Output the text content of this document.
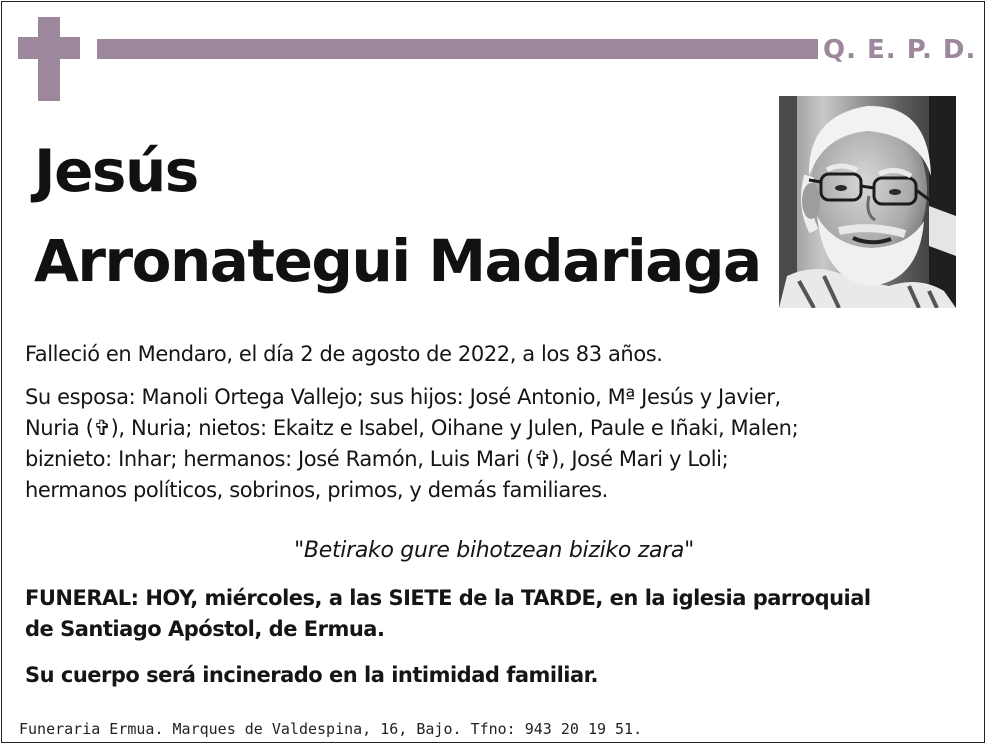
Q. E. P. D.
Jesús
Arronategui Madariaga
Falleció en Mendaro, el día 2 de agosto de 2022, a los 83 años.
Su esposa: Manoli Ortega Vallejo; sus hijos: José Antonio, Mª Jesús y Javier,
Nuria (✞), Nuria; nietos: Ekaitz e Isabel, Oihane y Julen, Paule e Iñaki, Malen;
biznieto: Inhar; hermanos: José Ramón, Luis Mari (✞), José Mari y Loli;
hermanos políticos, sobrinos, primos, y demás familiares.
"Betirako gure bihotzean biziko zara"
FUNERAL: HOY, miércoles, a las SIETE de la TARDE, en la iglesia parroquial
de Santiago Apóstol, de Ermua.
Su cuerpo será incinerado en la intimidad familiar.
Funeraria Ermua. Marques de Valdespina, 16, Bajo. Tfno: 943 20 19 51.
